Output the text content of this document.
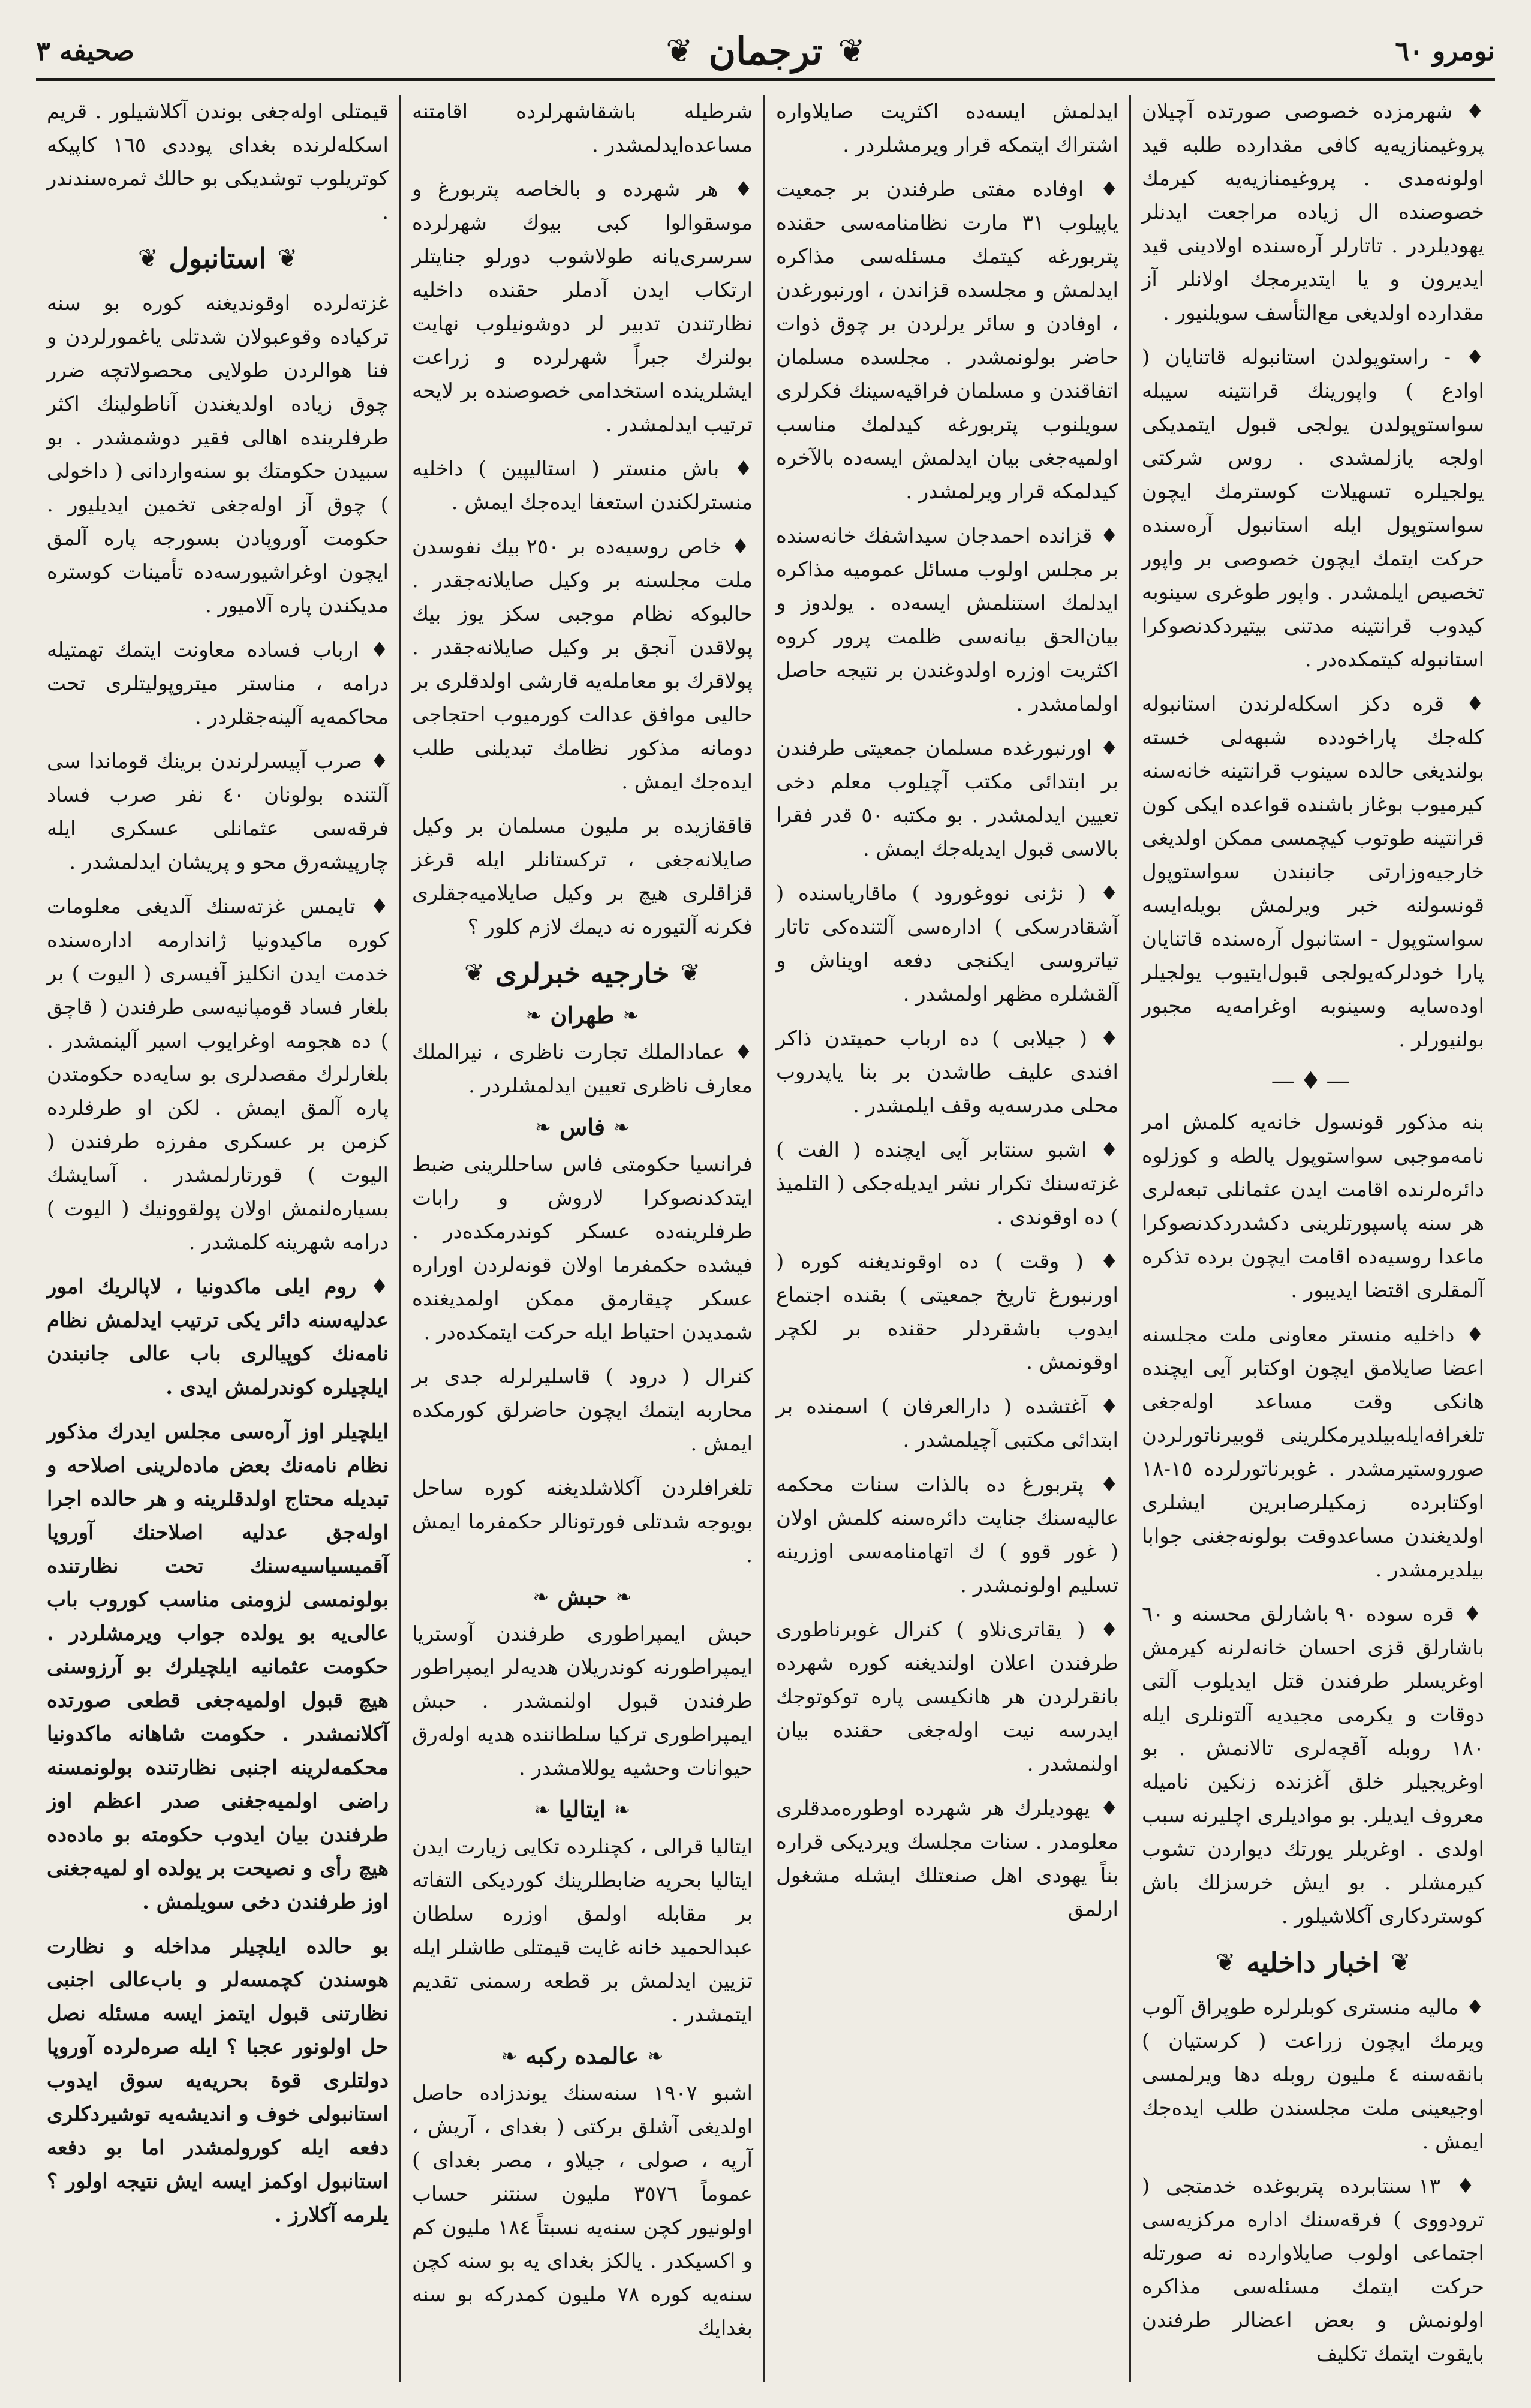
صحیفه ٣	❦ ترجمان ❦	نومرو ٦٠

♦ شهرمزده خصوصی صورتده آچیلان پروغیمنازیه‌یه کافی مقدارده طلبه قید اولونه‌مدی . پروغیمنازیه‌یه کیرمك خصوصنده ال زیاده مراجعت ایدنلر یهودیلردر . تاتارلر آره‌سنده اولادینی قید ایدیرون و یا ایتدیرمجك اولانلر آز مقدارده اولدیغی مع‌التأسف سویلنیور .

♦ - راستوپولدن استانبوله قاتنایان ( اوادع ) واپورینك قرانتینه سیبله سواستوپولدن یولجی قبول ایتمدیکی اولجه یازلمشدی . روس شرکتی یولجیلره تسهیلات کوسترمك ایچون سواستوپول ایله استانبول آره‌سنده حرکت ایتمك ایچون خصوصی بر واپور تخصیص ایلمشدر . واپور طوغری سینوبه کیدوب قرانتینه مدتنی بیتیردکدنصوکرا استانبوله کیتمکده‌در .

♦ قره دکز اسکله‌لرندن استانبوله کله‌جك پاراخودده شبهه‌لی خسته بولندیغی حالده سینوب قرانتینه خانه‌سنه کیرمیوب بوغاز باشنده قواعده ایکی کون قرانتینه طوتوب کیچمسی ممکن اولدیغی خارجیه‌وزارتی جانبندن سواستوپول قونسولنه خبر ویرلمش بویله‌ایسه سواستوپول - استانبول آره‌سنده قاتنایان پارا خودلرکه‌یولجی قبول‌ایتیوب یولجیلر اوده‌سایه وسینوبه اوغرامه‌یه مجبور بولنیورلر .

—♦—

بنه مذکور قونسول خانه‌یه کلمش امر نامه‌موجبی سواستوپول یالطه و کوزلوه دائرەلرنده اقامت ایدن عثمانلی تبعه‌لری هر سنه پاسپورتلرینی دکشدردکدنصوکرا ماعدا روسیه‌ده اقامت ایچون برده تذکره آلمقلری اقتضا ایدیبور .

♦ داخلیه منستر معاونی ملت مجلسنه اعضا صایلامق ایچون اوکتابر آیی ایچنده هانکی وقت مساعد اولەجغی تلغرافه‌ایله‌بیلدیرمکلرینی قوبیرناتورلردن صوروستیرمشدر . غوبرناتورلرده ١٥-١٨ اوکتابرده زمکیلرصابرین ایشلری اولدیغندن مساعدوقت بولونه‌جغنی جوابا بیلدیرمشدر .

♦ قره سوده ٩٠ باشارلق محسنه و ٦٠ باشارلق قزی احسان خانه‌لرنه کیرمش اوغریسلر طرفندن قتل ایدیلوب آلتی دوقات و یکرمی مجیدیه آلتونلری ایله ١٨٠ روبله آقچه‌لری ‌تالانمش . بو اوغریجیلر خلق آغزنده زنکین نامیله معروف ایدیلر. بو موادیلری اچلیرنه سبب اولدی . اوغریلر یورتك دیواردن تشوب کیرمشلر . بو ایش خرسزلك باش کوستردکاری آکلاشیلور .

❦
اخبار داخلیه
❦

♦ مالیه منستری کوبلرلره طوپراق آلوب ویرمك ایچون زراعت ( کرستیان ) بانقه‌سنه ٤ ملیون روبله دها ویرلمسی اوجیعینی ملت مجلسندن طلب ایده‌جك ایمش .

♦ ١٣ سنتابرده پتربوغده خدمتجی ( ترودووی ) فرقه‌سنك اداره مرکزیه‌سی اجتماعی اولوب صایلاوارده نه صورتله حرکت ایتمك مسئله‌سی مذاکره اولونمش و بعض اعضالر طرفندن بایقوت ایتمك تکلیف

ایدلمش ایسه‌ده اکثریت صایلاواره اشتراك ایتمکه قرار ویرمشلردر .

♦ اوفاده مفتی طرفندن بر جمعیت یاپیلوب ٣١ مارت نظامنامه‌سی حقنده پتربورغه کیتمك مسئله‌سی مذاکره ایدلمش و مجلسده قزاندن ، اورنبورغدن ، اوفادن و سائر یرلردن بر چوق ذوات حاضر بولونمشدر . مجلسده مسلمان اتفاقندن و مسلمان فراقیه‌سینك فکرلری سویلنوب پتربورغه کیدلمك مناسب اولمیه‌جغی بیان ایدلمش ایسه‌ده بالآخره کیدلمکه قرار ویرلمشدر .

♦ قزانده احمدجان سیداشفك خانه‌سنده بر مجلس اولوب مسائل عمومیه مذاکره ایدلمك استنلمش ایسه‌ده . یولدوز و بیان‌الحق بیانه‌سی ظلمت پرور کروه اکثریت اوزره اولدوغندن بر نتیجه حاصل اولمامشدر .

♦ اورنبورغده مسلمان جمعیتی طرفندن بر ابتدائی مکتب آچیلوب معلم دخی تعیین ایدلمشدر . بو مکتبه ٥٠ قدر فقرا بالاسی قبول ایدیله‌جك ایمش .

♦ ( نژنی نووغورود ) ماقاریاسنده ( آشقادرسکی ) اداره‌سی آلتنده‌کی تاتار تیاتروسی ایکنجی دفعه اویناش و آلقشلره مظهر اولمشدر .

♦ ( جیلابی ) ده ارباب حمیتدن ذاکر افندی علیف طاشدن بر بنا یاپدروب محلی مدرسه‌یه وقف ایلمشدر .

♦ اشبو سنتابر آیی ایچنده ( الفت ) غزته‌سنك تکرار نشر ایدیله‌جکی ( التلمیذ ) ده اوقوندی .

♦ ( وقت ) ده اوقوندیغنه کوره ( اورنبورغ تاریخ جمعیتی ) بقنده اجتماع ایدوب باشقردلر حقنده بر لکچر اوقونمش .

♦ آغتشده ( دارالعرفان ) اسمنده بر ابتدائی مکتبی آچیلمشدر .

♦ پتربورغ ده بالذات سنات محکمه عالیه‌سنك جنایت دائره‌سنه کلمش اولان ( غور قوو ) ك اتهامنامه‌سی اوزرینه تسلیم اولونمشدر .

♦ ( یقاتری‌نلاو ) کنرال غوبرناطوری طرفندن اعلان اولندیغنه کوره شهرده بانقرلردن هر هانکیسی پاره توکوتوجك ایدرسه نیت اوله‌جغی حقنده بیان اولنمشدر .

♦ یهودیلرك هر شهرده اوطوره‌مدقلری معلومدر . سنات مجلسك ویردیکی قراره بناً یهودی اهل صنعتلك ایشله مشغول ارلمق

شرطیله باشقاشهرلرده اقامتنه مساعده‌ایدلمشدر .

♦ هر شهرده و بالخاصه پتربورغ و موسقوالوا کبی بیوك شهرلرده سرسری‌یانه طولاشوب دورلو جنایتلر ارتکاب ایدن آدملر حقنده داخلیه نظارتندن تدبیر لر دوشونیلوب نهایت بولنرك جبراً شهرلرده و زراعت ایشلرینده استخدامی خصوصنده بر لایحه ترتیب ایدلمشدر .

♦ باش منستر ( استالیپین ) داخلیه منسترلکندن استعفا ایده‌جك ایمش .

♦ خاص روسیه‌ده بر ٢٥٠ بیك نفوسدن ملت مجلسنه بر وکیل صایلانه‌جقدر . حالبوکه نظام موجبی سکز یوز بیك پولاقدن آنجق بر وکیل صایلانه‌جقدر . پولاقرك بو معامله‌یه قارشی اولدقلری بر حالیی موافق عدالت کورمیوب احتجاجی دومانه مذکور نظامك تبدیلنی طلب ایده‌جك ایمش .

قاققازیده بر ملیون مسلمان بر وکیل صایلانه‌جغی ، ترکستانلر ایله قرغز قزاقلری هیچ بر وکیل صایلامیه‌جقلری فکرنه آلتیوره نه دیمك لازم کلور ؟

❦
خارجیه خبرلری
❦
❧
طهران
❧

♦ عمادالملك تجارت ناظری ، نیرالملك معارف ناظری تعیین ایدلمشلردر .

❧
فاس
❧

فرانسیا حکومتی فاس ساحللرینی ضبط ایتدکدنصوکرا لاروش و رابات طرفلرینه‌ده عسکر کوندرمکده‌در . فیشده حکمفرما اولان قونه‌لردن اوراره عسکر چیقارمق ممکن اولمدیغنده شمدیدن احتیاط ایله حرکت ایتمکده‌در .

کنرال ( درود ) قاسلیرلرله جدی بر محاربه ایتمك ایچون حاضرلق کورمکده ایمش .

تلغرافلردن آکلاشلدیغنه کوره ساحل بویوجه شدتلی فورتونالر حکمفرما ایمش .

❧
حبش
❧

حبش ایمپراطوری طرفندن آوستریا ایمپراطورنه کوندریلان هدیه‌لر ایمپراطور طرفندن قبول اولنمشدر . حبش ایمپراطوری ترکیا سلطاننده هدیه اولەرق حیوانات وحشیه یوللامشدر .

❧
ایتالیا
❧

ایتالیا قرالی ، کچنلرده تکایی زیارت ایدن ایتالیا بحریه ضابطلرینك کوردیکی التفاته بر مقابله اولمق اوزره سلطان عبدالحمید خانه غایت قیمتلی طاشلر ایله تزیین ایدلمش بر قطعه رسمنی تقدیم ایتمشدر .

❧
عالمده رکبه
❧

اشبو ١٩٠٧ سنه‌سنك یوندزاده حاصل اولدیغی آشلق برکتی ( بغدای ، آریش ، آرپه ، صولی ، جیلاو ، مصر بغدای ) عموماً ٣٥٧٦ ملیون سنتنر حساب اولونیور کچن سنه‌یه نسبتاً ١٨٤ ملیون کم و اکسیکدر . یالکز بغدای یه بو سنه کچن سنه‌یه کوره ٧٨ ملیون کمدرکه بو سنه بغدایك

قیمتلی اولەجغی بوندن آکلاشیلور . قریم اسکله‌لرنده بغدای پوددی ١٦٥ کاپیکه کوتریلوب توشدیکی بو حالك ثمره‌سندندر .

❦
استانبول
❦

غزته‌لرده اوقوندیغنه کوره بو سنه ترکیاده وقوعبولان شدتلی یاغمورلردن و فنا هوالردن طولایی محصولاتچه ضرر چوق زیاده اولدیغندن آناطولینك اکثر طرفلرینده اهالی فقیر دوشمشدر . بو سبیدن حکومتك بو سنه‌واردانی ( داخولی ) چوق آز اولەجغی تخمین ایدیلیور . حکومت آوروپادن بسورجه پاره آلمق ایچون اوغراشیورسه‌ده تأمینات کوستره مدیکندن پاره آلامیور .

♦ ارباب فساده معاونت ایتمك تهمتیله درامه ، مناستر میتروپولیتلری تحت محاکمه‌یه آلینه‌جقلردر .

♦ صرب آپیسرلرندن برینك قوماندا سی آلتنده بولونان ٤٠ نفر صرب فساد فرقه‌سی عثمانلی عسکری ایله چارپیشه‌رق محو و پریشان ایدلمشدر .

♦ تایمس غزته‌سنك آلدیغی معلومات کوره ماکیدونیا ژاندارمه اداره‌سنده خدمت ایدن انکلیز آفیسری ( الیوت ) بر بلغار فساد قومپانیه‌سی طرفندن ( قاچق ) ده هجومه اوغرایوب اسیر آلینمشدر . بلغارلرك مقصدلری بو سایه‌ده حکومتدن پاره آلمق ایمش . لکن او طرفلرده کزمن بر عسکری مفرزه طرفندن ( الیوت ) قورتارلمشدر . آسایشك بسیارەلنمش اولان پولقوونیك ( الیوت ) درامه شهرینه کلمشدر .

♦ روم ایلی ماکدونیا ، لاپالریك امور عدلیه‌سنه دائر یکی ترتیب ایدلمش نظام نامه‌نك کوپیالری باب عالی جانبندن ایلچیلره کوندرلمش ایدی .

ایلچیلر اوز آره‌سی مجلس ایدرك مذکور نظام نامه‌نك بعض ماده‌لرینی اصلاحه و تبدیله محتاج اولدقلرینه و هر حالده اجرا اولەجق عدلیه اصلاحنك آوروپا آقمیسیاسیه‌سنك تحت نظارتنده بولونمسی لزومنی مناسب کوروب باب عالی‌یه بو یولده جواب ویرمشلردر . حکومت عثمانیه ایلچیلرك بو آرزوسنی هیچ قبول اولمیه‌جغی قطعی صورتده آکلانمشدر . حکومت شاهانه ماکدونیا محکمه‌لرینه اجنبی نظارتنده بولونمسنه راضی اولمیەجغنی صدر اعظم اوز طرفندن بیان ایدوب حکومته بو ماده‌ده هیچ رأی و نصیحت بر یولده او لمیه‌جغنی اوز طرفندن دخی سویلمش .

بو حالده ایلچیلر مداخله و نظارت هوسندن کچمسه‌لر و باب‌عالی اجنبی نظارتنی قبول ایتمز ایسه مسئله نصل حل اولونور عجبا ؟ ایله صره‌لرده آوروپا دولتلری قوة بحریه‌یه سوق ایدوب استانبولی خوف و اندیشه‌یه توشیردکلری دفعه ایله کورولمشدر اما بو دفعه استانبول اوکمز ایسه ایش نتیجه اولور ؟ یلرمه آکلارز .
